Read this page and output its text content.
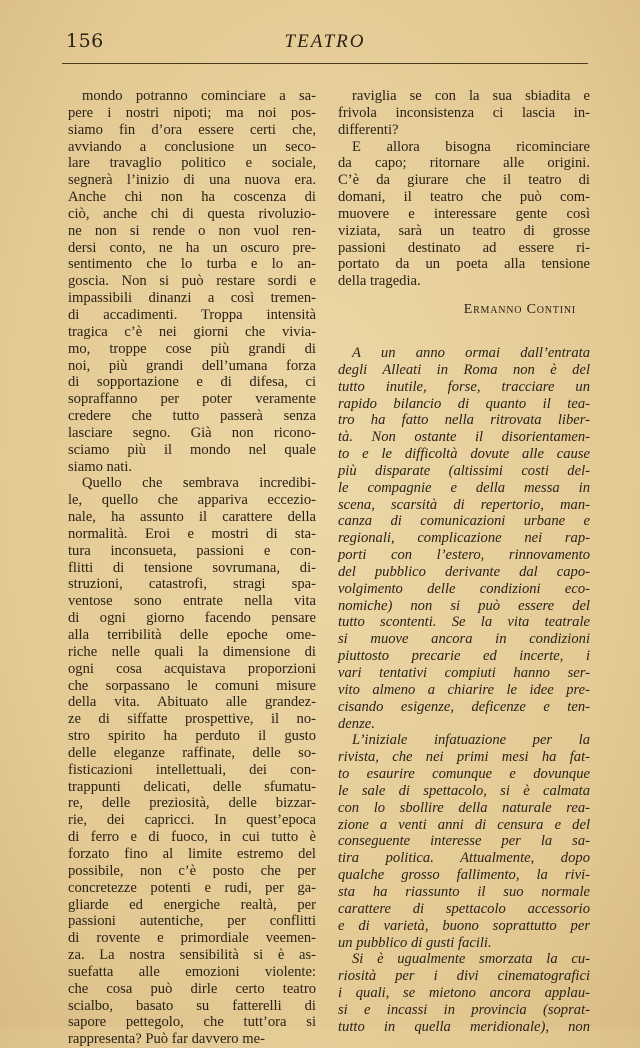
156	TEATRO

mondo potranno cominciare a sa-
pere i nostri nipoti; ma noi pos-
siamo fin d’ora essere certi che,
avviando a conclusione un seco-
lare travaglio politico e sociale,
segnerà l’inizio di una nuova era.
Anche chi non ha coscenza di
ciò, anche chi di questa rivoluzio-
ne non si rende o non vuol ren-
dersi conto, ne ha un oscuro pre-
sentimento che lo turba e lo an-
goscia. Non si può restare sordi e
impassibili dinanzi a così tremen-
di accadimenti. Troppa intensità
tragica c’è nei giorni che vivia-
mo, troppe cose più grandi di
noi, più grandi dell’umana forza
di sopportazione e di difesa, ci
sopraffanno per poter veramente
credere che tutto passerà senza
lasciare segno. Già non ricono-
sciamo più il mondo nel quale
siamo nati.

Quello che sembrava incredibi-
le, quello che appariva eccezio-
nale, ha assunto il carattere della
normalità. Eroi e mostri di sta-
tura inconsueta, passioni e con-
flitti di tensione sovrumana, di-
struzioni, catastrofi, stragi spa-
ventose sono entrate nella vita
di ogni giorno facendo pensare
alla terribilità delle epoche ome-
riche nelle quali la dimensione di
ogni cosa acquistava proporzioni
che sorpassano le comuni misure
della vita. Abituato alle grandez-
ze di siffatte prospettive, il no-
stro spirito ha perduto il gusto
delle eleganze raffinate, delle so-
fisticazioni intellettuali, dei con-
trappunti delicati, delle sfumatu-
re, delle preziosità, delle bizzar-
rie, dei capricci. In quest’epoca
di ferro e di fuoco, in cui tutto è
forzato fino al limite estremo del
possibile, non c’è posto che per
concretezze potenti e rudi, per ga-
gliarde ed energiche realtà, per
passioni autentiche, per conflitti
di rovente e primordiale veemen-
za. La nostra sensibilità si è as-
suefatta alle emozioni violente:
che cosa può dirle certo teatro
scialbo, basato su fatterelli di
sapore pettegolo, che tutt’ora si
rappresenta? Può far davvero me-

raviglia se con la sua sbiadita e
frivola inconsistenza ci lascia in-
differenti?

E allora bisogna ricominciare
da capo; ritornare alle origini.
C’è da giurare che il teatro di
domani, il teatro che può com-
muovere e interessare gente così
viziata, sarà un teatro di grosse
passioni destinato ad essere ri-
portato da un poeta alla tensione
della tragedia.

Ermanno Contini

A un anno ormai dall’entrata
degli Alleati in Roma non è del
tutto inutile, forse, tracciare un
rapido bilancio di quanto il tea-
tro ha fatto nella ritrovata liber-
tà. Non ostante il disorientamen-
to e le difficoltà dovute alle cause
più disparate (altissimi costi del-
le compagnie e della messa in
scena, scarsità di repertorio, man-
canza di comunicazioni urbane e
regionali, complicazione nei rap-
porti con l’estero, rinnovamento
del pubblico derivante dal capo-
volgimento delle condizioni eco-
nomiche) non si può essere del
tutto scontenti. Se la vita teatrale
si muove ancora in condizioni
piuttosto precarie ed incerte, i
vari tentativi compiuti hanno ser-
vito almeno a chiarire le idee pre-
cisando esigenze, deficenze e ten-
denze.

L’iniziale infatuazione per la
rivista, che nei primi mesi ha fat-
to esaurire comunque e dovunque
le sale di spettacolo, si è calmata
con lo sbollire della naturale rea-
zione a venti anni di censura e del
conseguente interesse per la sa-
tira politica. Attualmente, dopo
qualche grosso fallimento, la rivi-
sta ha riassunto il suo normale
carattere di spettacolo accessorio
e di varietà, buono soprattutto per
un pubblico di gusti facili.

Si è ugualmente smorzata la cu-
riosità per i divi cinematografici
i quali, se mietono ancora applau-
si e incassi in provincia (soprat-
tutto in quella meridionale), non
